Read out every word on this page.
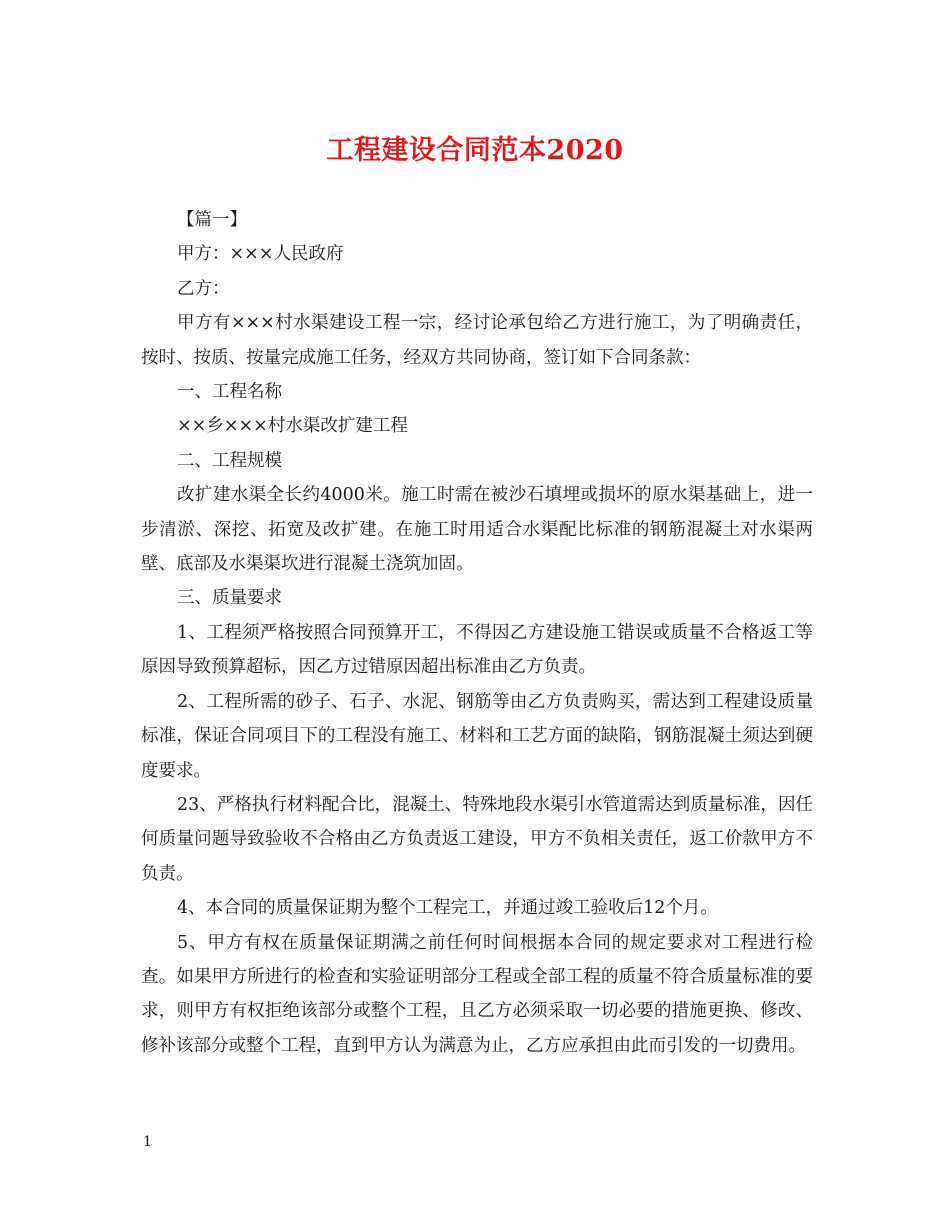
工程建设合同范本2020

【篇一】

甲方：×××人民政府

乙方：

甲方有×××村水渠建设工程一宗，经讨论承包给乙方进行施工，为了明确责任，按时、按质、按量完成施工任务，经双方共同协商，签订如下合同条款：

一、工程名称

××乡×××村水渠改扩建工程

二、工程规模

改扩建水渠全长约4000米。施工时需在被沙石填埋或损坏的原水渠基础上，进一步清淤、深挖、拓宽及改扩建。在施工时用适合水渠配比标准的钢筋混凝土对水渠两壁、底部及水渠渠坎进行混凝土浇筑加固。

三、质量要求

1、工程须严格按照合同预算开工，不得因乙方建设施工错误或质量不合格返工等原因导致预算超标，因乙方过错原因超出标准由乙方负责。

2、工程所需的砂子、石子、水泥、钢筋等由乙方负责购买，需达到工程建设质量标准，保证合同项目下的工程没有施工、材料和工艺方面的缺陷，钢筋混凝土须达到硬度要求。

23、严格执行材料配合比，混凝土、特殊地段水渠引水管道需达到质量标准，因任何质量问题导致验收不合格由乙方负责返工建设，甲方不负相关责任，返工价款甲方不负责。

4、本合同的质量保证期为整个工程完工，并通过竣工验收后12个月。

5、甲方有权在质量保证期满之前任何时间根据本合同的规定要求对工程进行检查。如果甲方所进行的检查和实验证明部分工程或全部工程的质量不符合质量标准的要求，则甲方有权拒绝该部分或整个工程，且乙方必须采取一切必要的措施更换、修改、修补该部分或整个工程，直到甲方认为满意为止，乙方应承担由此而引发的一切费用。

1
